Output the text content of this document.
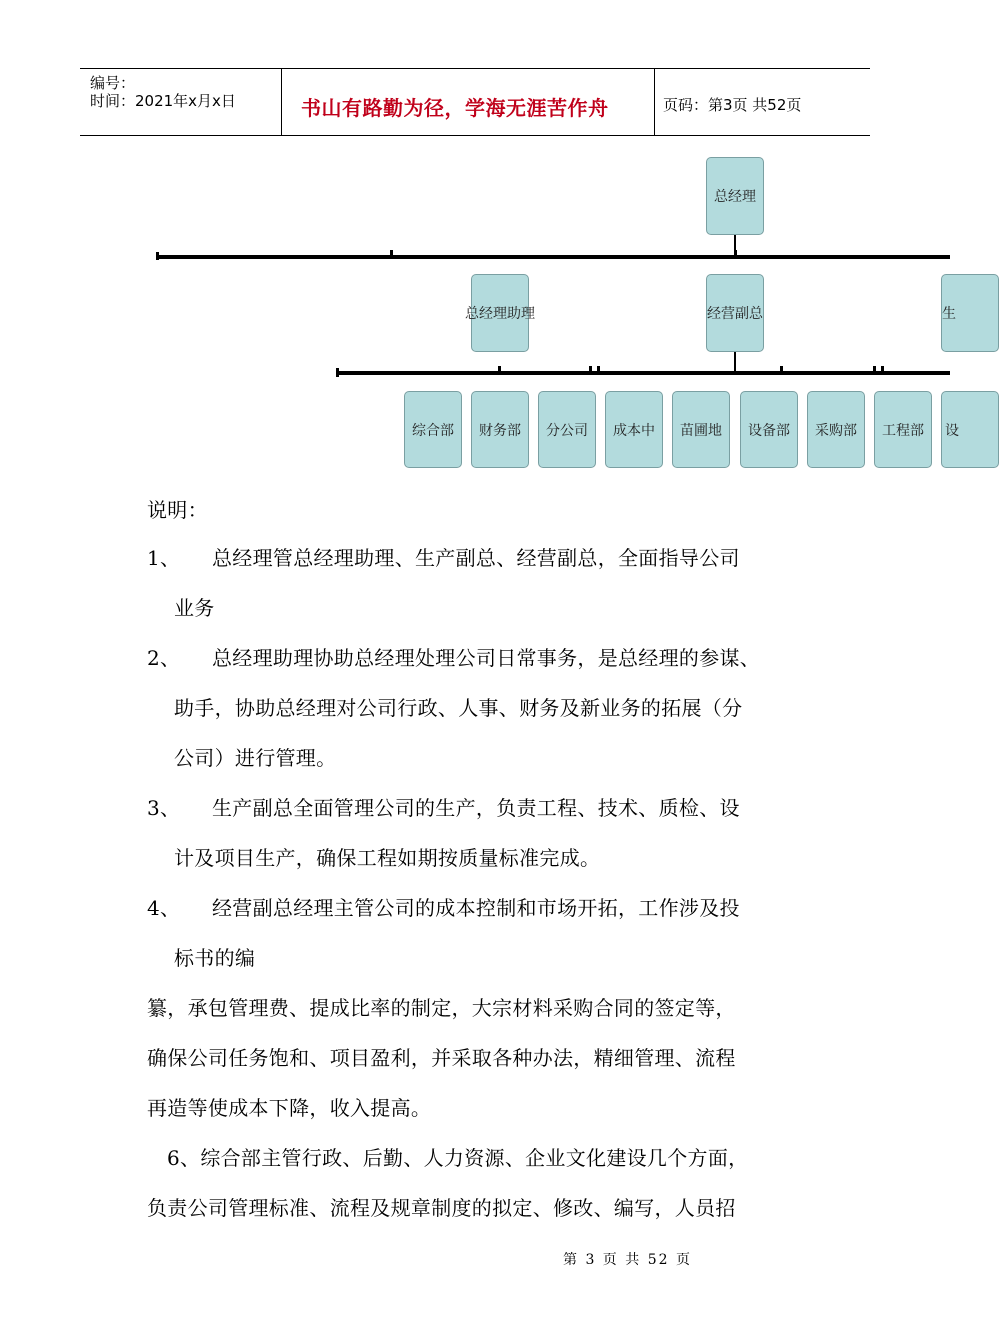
编号：
时间：2021年x月x日	书山有路勤为径，学海无涯苦作舟	页码：第3页 共52页
总经理
总经理助理	经营副总	生
综合部	财务部	分公司	成本中	苗圃地	设备部	采购部	工程部	设
说明：
1、 总经理管总经理助理、生产副总、经营副总，全面指导公司
业务
2、 总经理助理协助总经理处理公司日常事务，是总经理的参谋、
助手，协助总经理对公司行政、人事、财务及新业务的拓展（分
公司）进行管理。
3、 生产副总全面管理公司的生产，负责工程、技术、质检、设
计及项目生产，确保工程如期按质量标准完成。
4、 经营副总经理主管公司的成本控制和市场开拓，工作涉及投
标书的编
纂，承包管理费、提成比率的制定，大宗材料采购合同的签定等，
确保公司任务饱和、项目盈利，并采取各种办法，精细管理、流程
再造等使成本下降，收入提高。
6、综合部主管行政、后勤、人力资源、企业文化建设几个方面，
负责公司管理标准、流程及规章制度的拟定、修改、编写，人员招
第 3 页 共 52 页
